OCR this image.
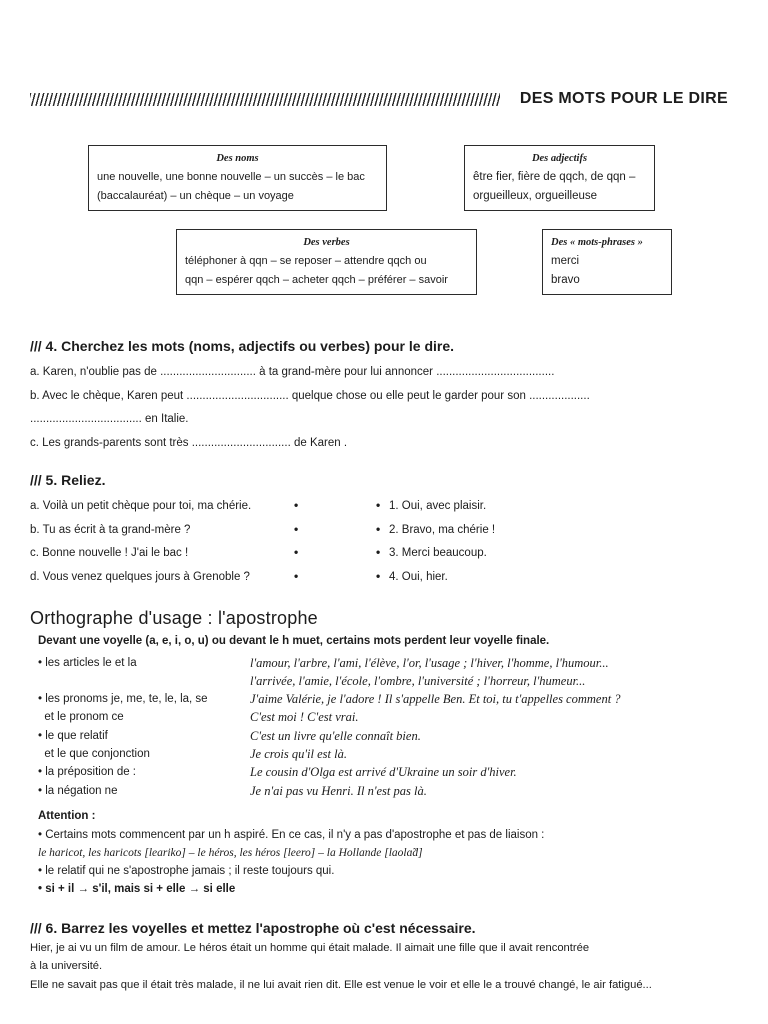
DES MOTS POUR LE DIRE
Des noms
une nouvelle, une bonne nouvelle – un succès – le bac
(baccalauréat) – un chèque – un voyage
Des adjectifs
être fier, fière de qqch, de qqn –
orgueilleux, orgueilleuse
Des verbes
téléphoner à qqn – se reposer – attendre qqch ou
qqn – espérer qqch – acheter qqch – préférer – savoir
Des « mots-phrases »
merci
bravo
/// 4. Cherchez les mots (noms, adjectifs ou verbes) pour le dire.
a. Karen, n'oublie pas de .............................. à ta grand-mère pour lui annoncer .....................................
b. Avec le chèque, Karen peut ................................ quelque chose ou elle peut le garder pour son ...................
................................... en Italie.
c. Les grands-parents sont très ............................... de Karen .
/// 5. Reliez.
a. Voilà un petit chèque pour toi, ma chérie.
b. Tu as écrit à ta grand-mère ?
c. Bonne nouvelle ! J'ai le bac !
d. Vous venez quelques jours à Grenoble ?
•
•
•
•
•
•
•
•
1. Oui, avec plaisir.
2. Bravo, ma chérie !
3. Merci beaucoup.
4. Oui, hier.
Orthographe d'usage : l'apostrophe
Devant une voyelle (a, e, i, o, u) ou devant le h muet, certains mots perdent leur voyelle finale.
• les articles le et la
• les pronoms je, me, te, le, la, se
et le pronom ce
• le que relatif
et le que conjonction
• la préposition de :
• la négation ne
l'amour, l'arbre, l'ami, l'élève, l'or, l'usage ; l'hiver, l'homme, l'humour...
l'arrivée, l'amie, l'école, l'ombre, l'université ; l'horreur, l'humeur...
J'aime Valérie, je l'adore ! Il s'appelle Ben. Et toi, tu t'appelles comment ?
C'est moi ! C'est vrai.
C'est un livre qu'elle connaît bien.
Je crois qu'il est là.
Le cousin d'Olga est arrivé d'Ukraine un soir d'hiver.
Je n'ai pas vu Henri. Il n'est pas là.
Attention :
• Certains mots commencent par un h aspiré. En ce cas, il n'y a pas d'apostrophe et pas de liaison :
le haricot, les haricots [leariko] – le héros, les héros [leero] – la Hollande [laolɑ̃d]
• le relatif qui ne s'apostrophe jamais ; il reste toujours qui.
• si + il → s'il, mais si + elle → si elle
/// 6. Barrez les voyelles et mettez l'apostrophe où c'est nécessaire.
Hier, je ai vu un film de amour. Le héros était un homme qui était malade. Il aimait une fille que il avait rencontrée
à la université.
Elle ne savait pas que il était très malade, il ne lui avait rien dit. Elle est venue le voir et elle le a trouvé changé, le air fatigué...
